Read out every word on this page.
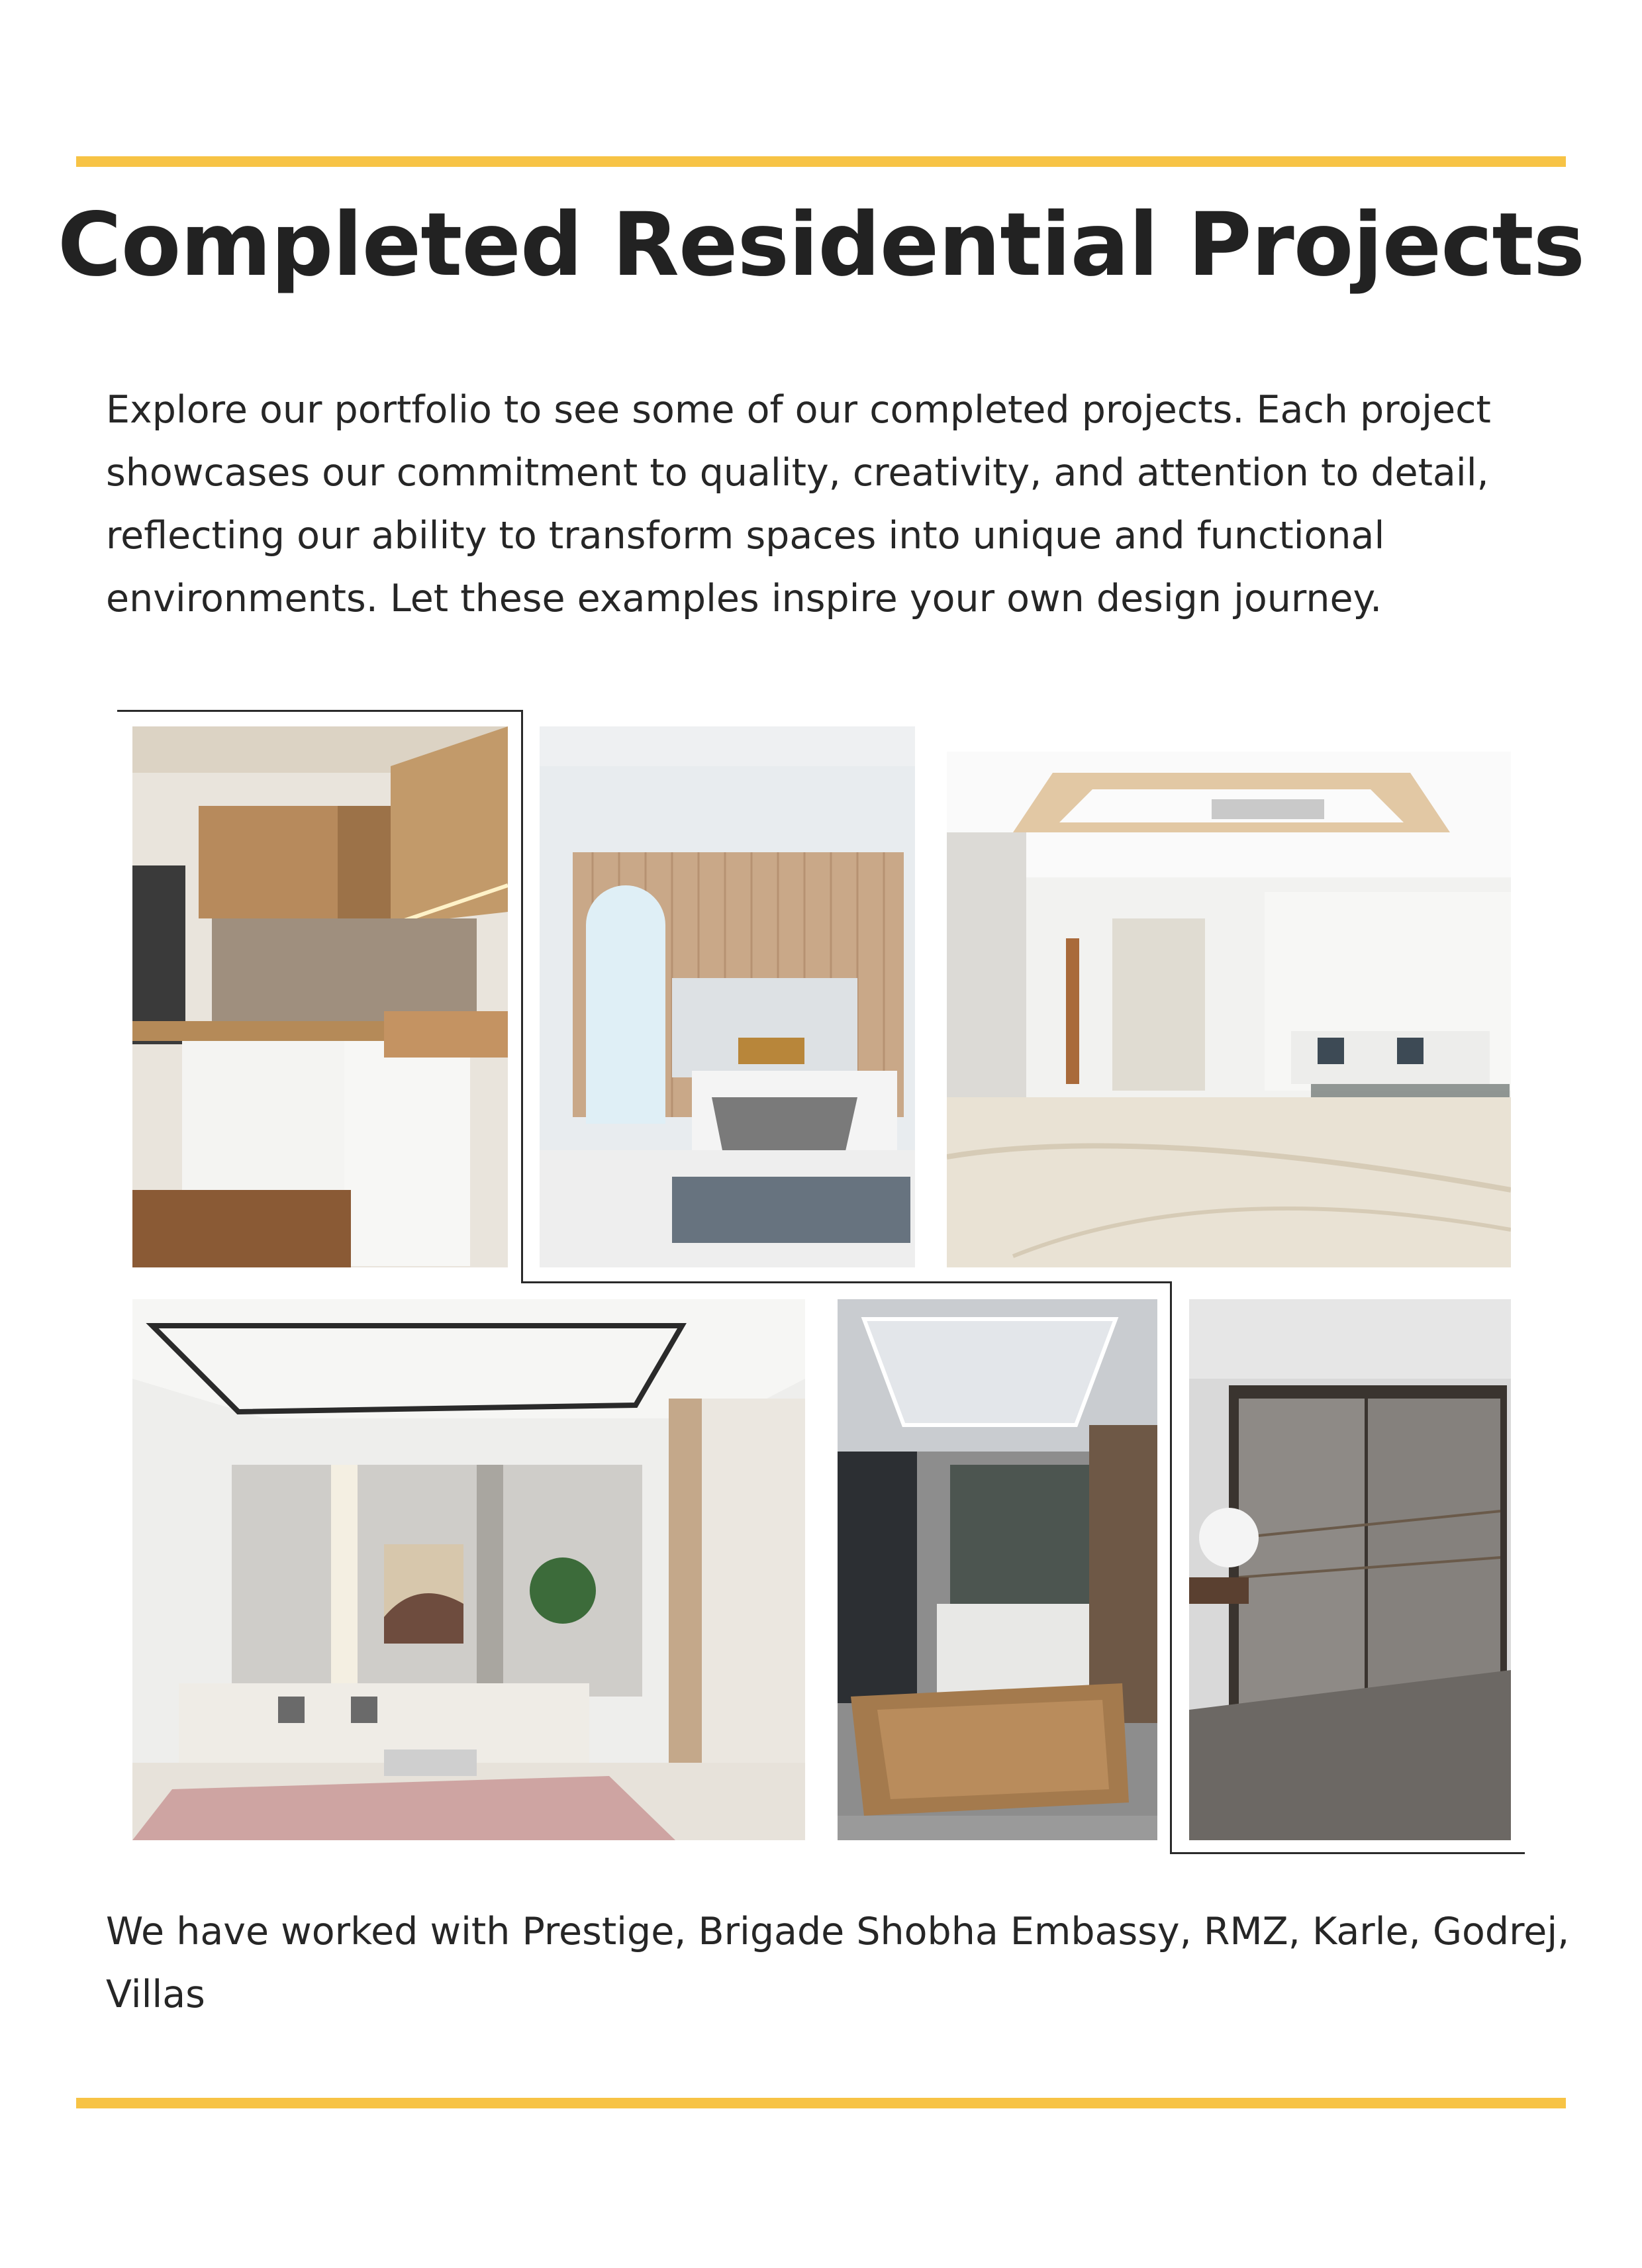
Completed Residential Projects

Explore our portfolio to see some of our completed projects. Each project showcases our commitment to quality, creativity, and attention to detail, reflecting our ability to transform spaces into unique and functional environments. Let these examples inspire your own design journey.

We have worked with Prestige, Brigade Shobha Embassy, RMZ, Karle, Godrej, Villas
